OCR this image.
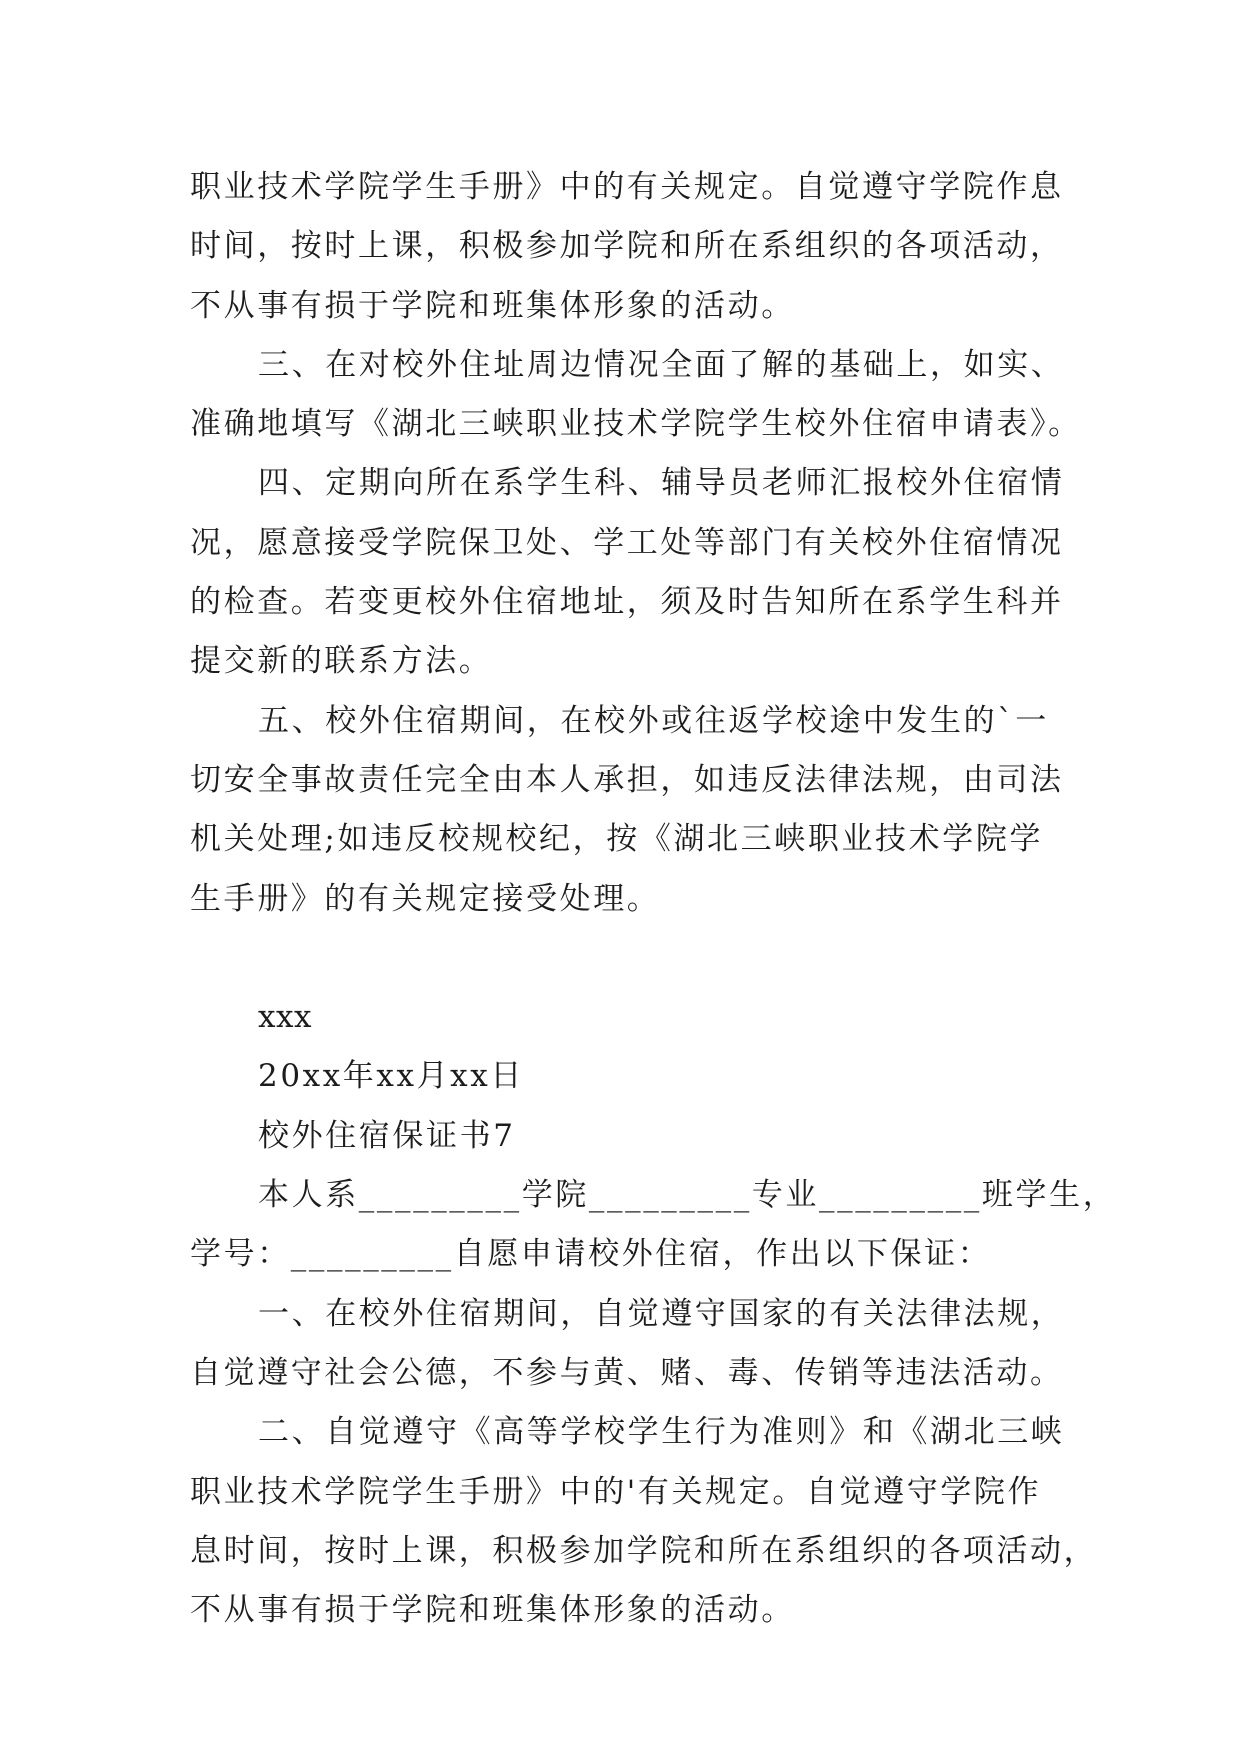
职业技术学院学生手册》中的有关规定。自觉遵守学院作息
时间，按时上课，积极参加学院和所在系组织的各项活动，
不从事有损于学院和班集体形象的活动。
三、在对校外住址周边情况全面了解的基础上，如实、
准确地填写《湖北三峡职业技术学院学生校外住宿申请表》。
四、定期向所在系学生科、辅导员老师汇报校外住宿情
况，愿意接受学院保卫处、学工处等部门有关校外住宿情况
的检查。若变更校外住宿地址，须及时告知所在系学生科并
提交新的联系方法。
五、校外住宿期间，在校外或往返学校途中发生的`一
切安全事故责任完全由本人承担，如违反法律法规，由司法
机关处理;如违反校规校纪，按《湖北三峡职业技术学院学
生手册》的有关规定接受处理。
xxx
20xx年xx月xx日
校外住宿保证书7
本人系_________学院_________专业_________班学生，
学号：_________自愿申请校外住宿，作出以下保证：
一、在校外住宿期间，自觉遵守国家的有关法律法规，
自觉遵守社会公德，不参与黄、赌、毒、传销等违法活动。
二、自觉遵守《高等学校学生行为准则》和《湖北三峡
职业技术学院学生手册》中的'有关规定。自觉遵守学院作
息时间，按时上课，积极参加学院和所在系组织的各项活动，
不从事有损于学院和班集体形象的活动。
